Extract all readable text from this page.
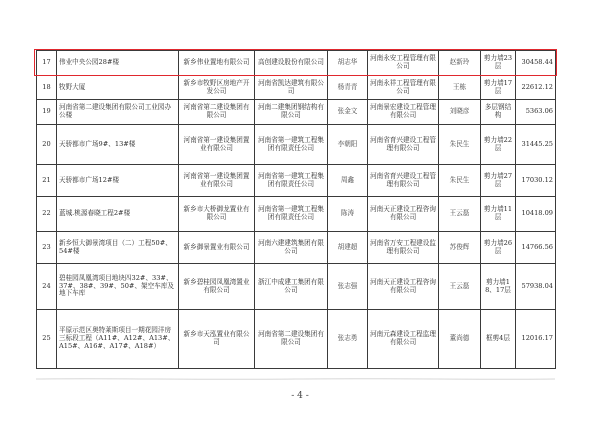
17	伟业中央公园28#楼	新乡伟业置地有限公司	高创建设股份有限公司	胡志华	河南永安工程管理有限公司	赵新玲	剪力墙23层	30458.44
18	牧野大厦	新乡市牧野区房地产开发公司	河南省凯达建筑有限公司	杨青青	河南永祥工程管理有限公司	王栋	剪力墙17层	22612.12
19	河南省第二建设集团有限公司工业园办公楼	河南省第二建设集团有限公司	河南二建集团钢结构有限公司	张金文	河南景宏建设工程管理有限公司	刘晓彦	多层钢结构	5363.06
20	天骄都市广场9#、13#楼	河南省第一建设集团置业有限公司	河南省第一建筑工程集团有限责任公司	李朝阳	河南省育兴建设工程管理有限公司	朱民生	剪力墙22层	31445.25
21	天骄都市广场12#楼	河南省第一建设集团置业有限公司	河南省第一建筑工程集团有限责任公司	周鑫	河南省育兴建设工程管理有限公司	朱民生	剪力墙27层	17030.12
22	蓝城.桃源春晓工程2#楼	新乡市大桥御龙置业有限公司	河南省第一建筑工程集团有限责任公司	陈涛	河南天正建设工程咨询有限公司	王云磊	剪力墙11层	10418.09
23	新乡恒大御景湾项目（二）工程50#、54#楼	新乡御景置业有限公司	河南六建建筑集团有限公司	胡建超	河南省万安工程建设监理有限公司	苏俊辉	剪力墙26层	14766.56
24	碧桂园凤凰湾项目地块四32#、33#、37#、38#、39#、50#、架空车库及地下车库	新乡碧桂园凤凰湾置业有限公司	浙江中成建工集团有限公司	张志强	河南天正建设工程咨询有限公司	王云磊	剪力墙18、17层	57938.04
25	平原示范区奥特莱斯项目一期花园洋房三标段工程（A11#、A12#、A13#、A15#、A16#、A17#、A18#）	新乡市天泓置业有限公司	河南省第二建设集团有限公司	张志勇	河南元森建设工程监理有限公司	董尚德	框剪4层	12016.17
- 4 -
